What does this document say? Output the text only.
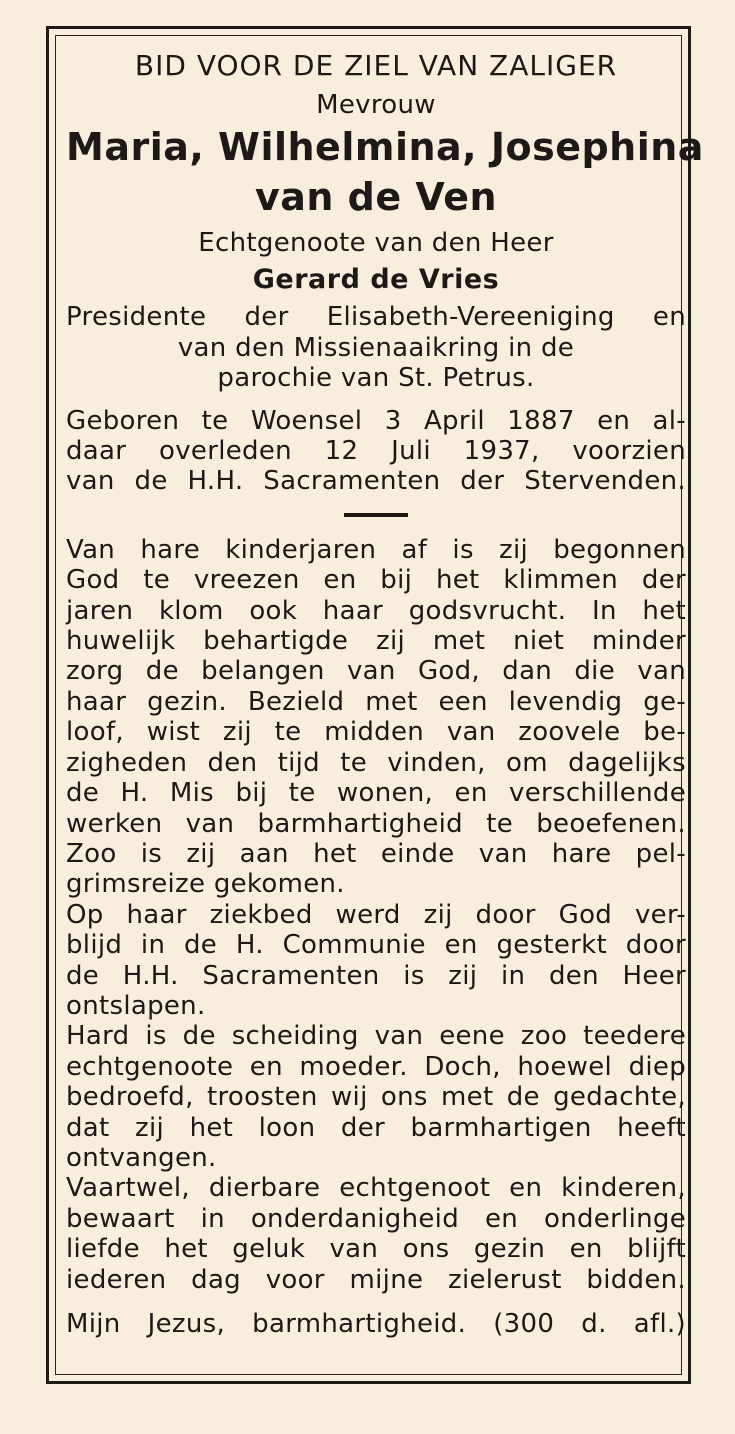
BID VOOR DE ZIEL VAN ZALIGER
Mevrouw
Maria, Wilhelmina, Josephina
van de Ven
Echtgenoote van den Heer
Gerard de Vries
Presidente der Elisabeth-Vereeniging en
van den Missienaaikring in de
parochie van St. Petrus.
Geboren te Woensel 3 April 1887 en al-
daar overleden 12 Juli 1937, voorzien
van de H.H. Sacramenten der Stervenden.
Van hare kinderjaren af is zij begonnen
God te vreezen en bij het klimmen der
jaren klom ook haar godsvrucht. In het
huwelijk behartigde zij met niet minder
zorg de belangen van God, dan die van
haar gezin. Bezield met een levendig ge-
loof, wist zij te midden van zoovele be-
zigheden den tijd te vinden, om dagelijks
de H. Mis bij te wonen, en verschillende
werken van barmhartigheid te beoefenen.
Zoo is zij aan het einde van hare pel-
grimsreize gekomen.
Op haar ziekbed werd zij door God ver-
blijd in de H. Communie en gesterkt door
de H.H. Sacramenten is zij in den Heer
ontslapen.
Hard is de scheiding van eene zoo teedere
echtgenoote en moeder. Doch, hoewel diep
bedroefd, troosten wij ons met de gedachte,
dat zij het loon der barmhartigen heeft
ontvangen.
Vaartwel, dierbare echtgenoot en kinderen,
bewaart in onderdanigheid en onderlinge
liefde het geluk van ons gezin en blijft
iederen dag voor mijne zielerust bidden.
Mijn Jezus, barmhartigheid. (300 d. afl.)
